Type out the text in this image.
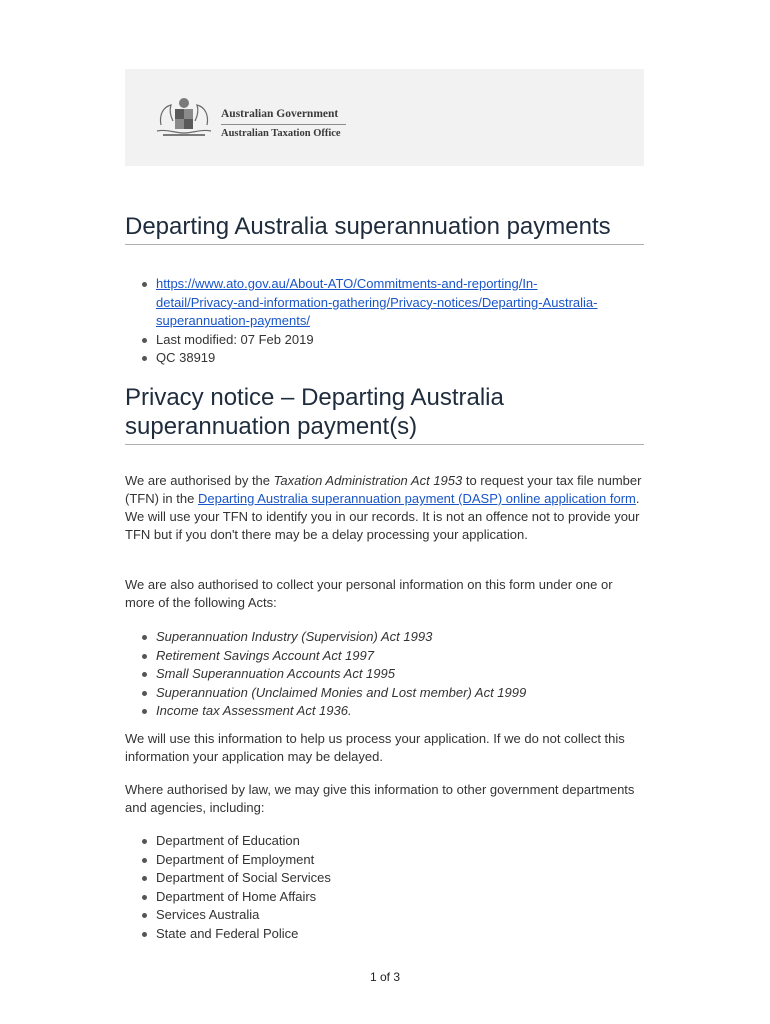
Australian Government
Australian Taxation Office
Departing Australia superannuation payments
https://www.ato.gov.au/About-ATO/Commitments-and-reporting/In-
detail/Privacy-and-information-gathering/Privacy-notices/Departing-Australia-
superannuation-payments/
Last modified: 07 Feb 2019
QC 38919
Privacy notice – Departing Australia superannuation payment(s)

We are authorised by the Taxation Administration Act 1953 to request your tax file number (TFN) in the Departing Australia superannuation payment (DASP) online application form. We will use your TFN to identify you in our records. It is not an offence not to provide your TFN but if you don't there may be a delay processing your application.

We are also authorised to collect your personal information on this form under one or more of the following Acts:

Superannuation Industry (Supervision) Act 1993
Retirement Savings Account Act 1997
Small Superannuation Accounts Act 1995
Superannuation (Unclaimed Monies and Lost member) Act 1999
Income tax Assessment Act 1936.

We will use this information to help us process your application. If we do not collect this information your application may be delayed.

Where authorised by law, we may give this information to other government departments and agencies, including:

Department of Education
Department of Employment
Department of Social Services
Department of Home Affairs
Services Australia
State and Federal Police
1 of 3
